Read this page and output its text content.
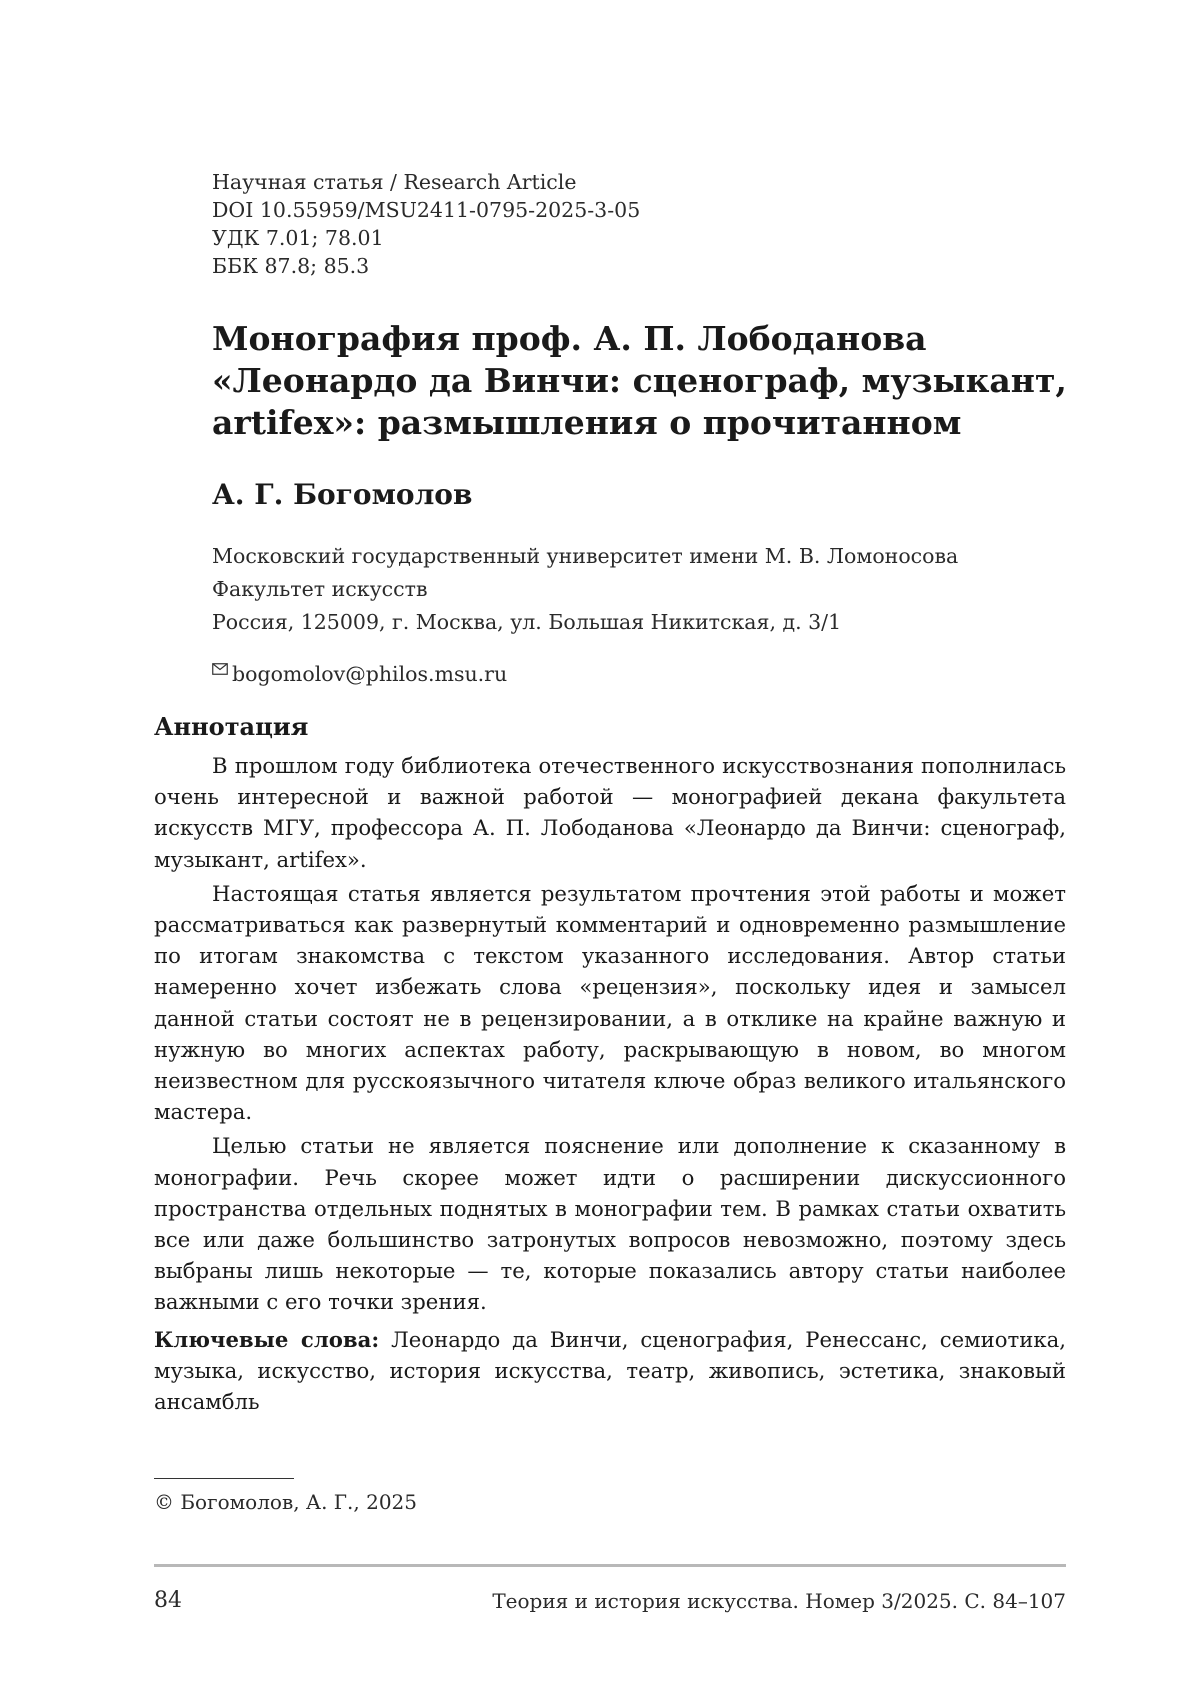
Научная статья / Research Article
DOI 10.55959/MSU2411-0795-2025-3-05
УДК 7.01; 78.01
ББК 87.8; 85.3
Монография проф. А. П. Лободанова
«Леонардо да Винчи: сценограф, музыкант,
artifex»: размышления о прочитанном
А. Г. Богомолов
Московский государственный университет имени М. В. Ломоносова
Факультет искусств
Россия, 125009, г. Москва, ул. Большая Никитская, д. 3/1
bogomolov@philos.msu.ru
Аннотация

В прошлом году библиотека отечественного искусствознания пополнилась очень интересной и важной работой — монографией декана факультета искусств МГУ, профессора А. П. Лободанова «Леонардо да Винчи: сценограф, музыкант, artifex».

Настоящая статья является результатом прочтения этой работы и может рассматриваться как развернутый комментарий и одновременно размышление по итогам знакомства с текстом указанного исследования. Автор статьи намеренно хочет избежать слова «рецензия», поскольку идея и замысел данной статьи состоят не в рецензировании, а в отклике на крайне важную и нужную во многих аспектах работу, раскрывающую в новом, во многом неизвестном для русскоязычного читателя ключе образ великого итальянского мастера.

Целью статьи не является пояснение или дополнение к сказанному в монографии. Речь скорее может идти о расширении дискуссионного пространства отдельных поднятых в монографии тем. В рамках статьи охватить все или даже большинство затронутых вопросов невозможно, поэтому здесь выбраны лишь некоторые — те, которые показались автору статьи наиболее важными с его точки зрения.

Ключевые слова: Леонардо да Винчи, сценография, Ренессанс, семиотика, музыка, искусство, история искусства, театр, живопись, эстетика, знаковый ансамбль
© Богомолов, А. Г., 2025
84	Теория и история искусства. Номер 3/2025. С. 84–107
